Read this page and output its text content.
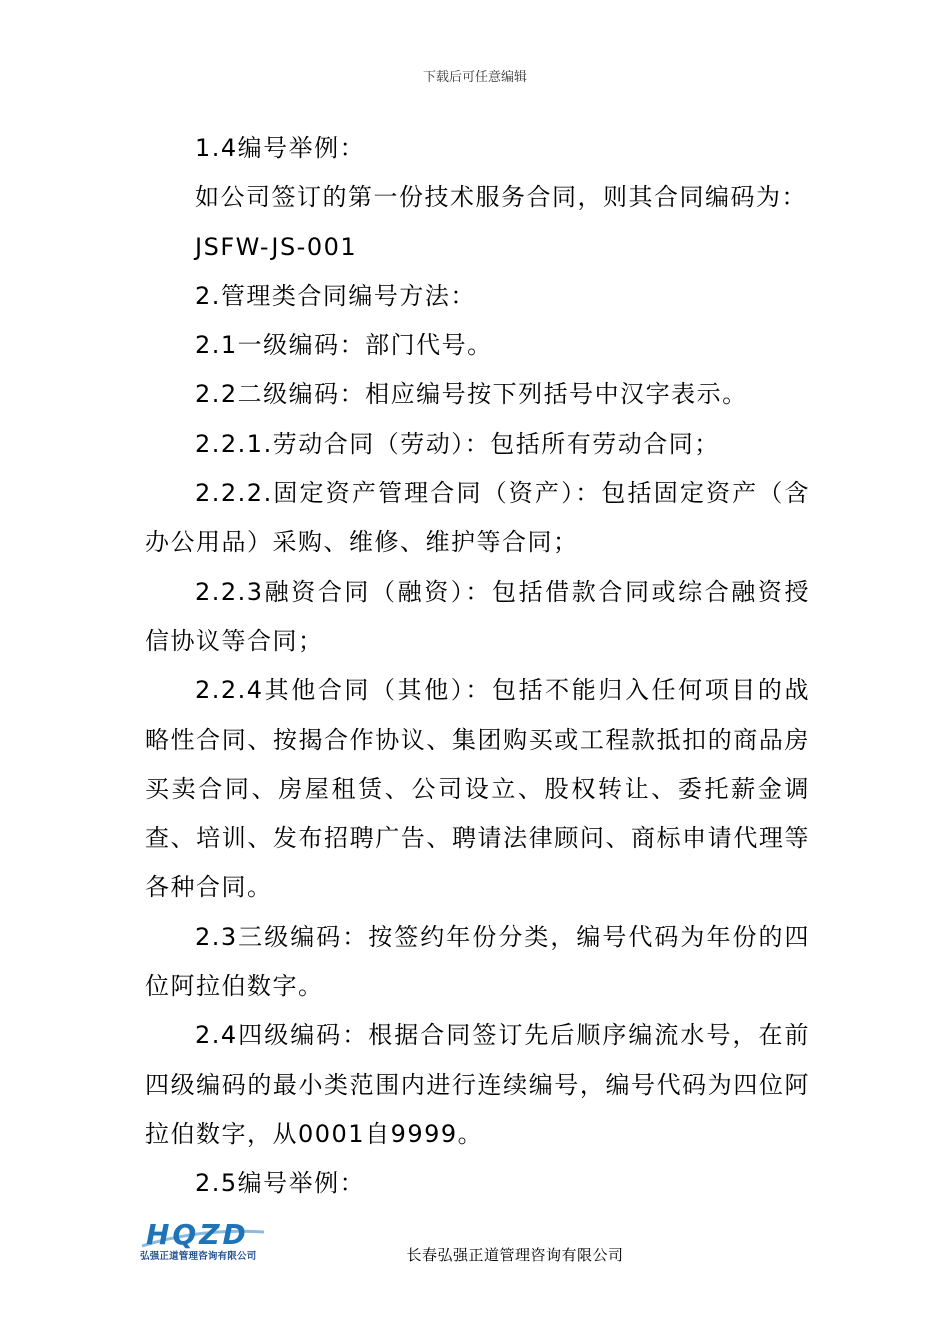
下载后可任意编辑

1.4编号举例：

如公司签订的第一份技术服务合同，则其合同编码为：

JSFW-JS-001

2.管理类合同编号方法：

2.1一级编码：部门代号。

2.2二级编码：相应编号按下列括号中汉字表示。

2.2.1.劳动合同（劳动）：包括所有劳动合同；

2.2.2.固定资产管理合同（资产）：包括固定资产（含办公用品）采购、维修、维护等合同；

2.2.3融资合同（融资）：包括借款合同或综合融资授信协议等合同；

2.2.4其他合同（其他）：包括不能归入任何项目的战略性合同、按揭合作协议、集团购买或工程款抵扣的商品房买卖合同、房屋租赁、公司设立、股权转让、委托薪金调查、培训、发布招聘广告、聘请法律顾问、商标申请代理等各种合同。

2.3三级编码：按签约年份分类，编号代码为年份的四位阿拉伯数字。

2.4四级编码：根据合同签订先后顺序编流水号，在前四级编码的最小类范围内进行连续编号，编号代码为四位阿拉伯数字，从0001自9999。

2.5编号举例：

HQZD
弘强正道管理咨询有限公司	长春弘强正道管理咨询有限公司
